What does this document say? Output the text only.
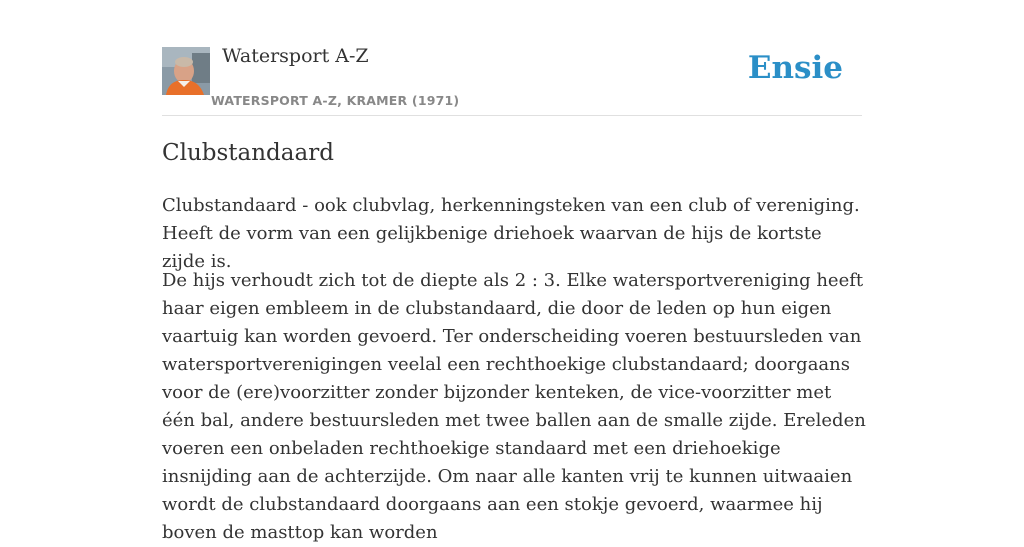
Watersport A-Z
WATERSPORT A-Z, KRAMER (1971)
Ensie
Clubstandaard

Clubstandaard - ook clubvlag, herkenningsteken van een club of vereniging. Heeft de vorm van een gelijkbenige driehoek waarvan de hijs de kortste zijde is.

De hijs verhoudt zich tot de diepte als 2 : 3. Elke watersportvereniging heeft haar eigen embleem in de clubstandaard, die door de leden op hun eigen vaartuig kan worden gevoerd. Ter onderscheiding voeren bestuursleden van watersportverenigingen veelal een rechthoekige clubstandaard; doorgaans voor de (ere)voorzitter zonder bijzonder kenteken, de vice-voorzitter met één bal, andere bestuursleden met twee ballen aan de smalle zijde. Ereleden voeren een onbeladen rechthoekige standaard met een driehoekige insnijding aan de achterzijde. Om naar alle kanten vrij te kunnen uitwaaien wordt de clubstandaard doorgaans aan een stokje gevoerd, waarmee hij boven de masttop kan worden
